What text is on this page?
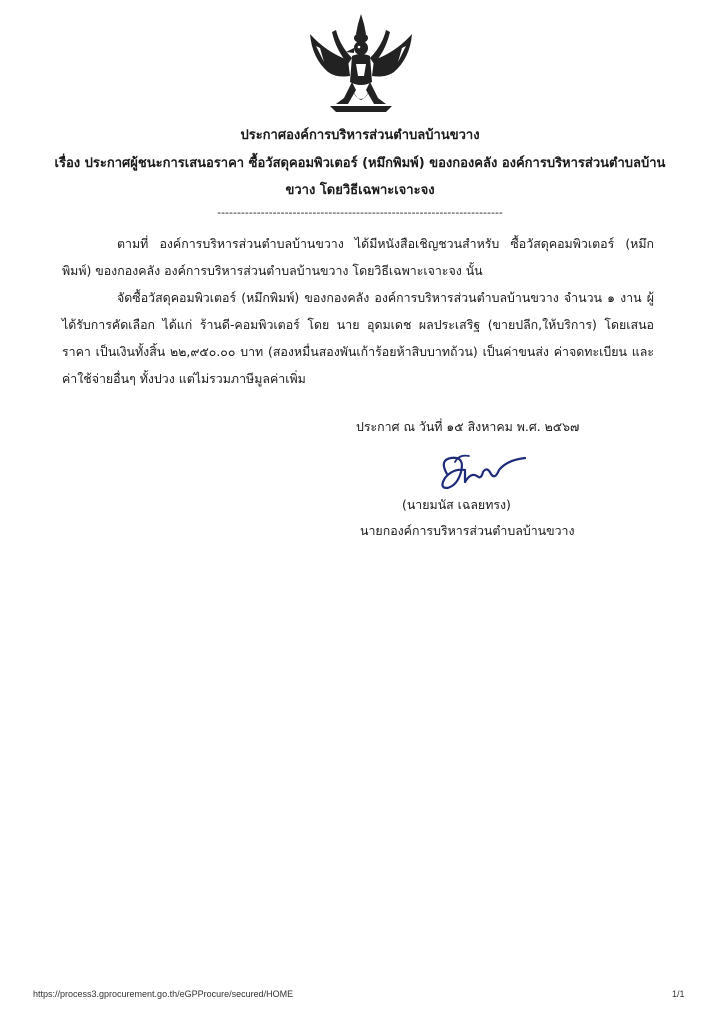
ประกาศองค์การบริหารส่วนตำบลบ้านขวาง
เรื่อง ประกาศผู้ชนะการเสนอราคา ซื้อวัสดุคอมพิวเตอร์ (หมึกพิมพ์) ของกองคลัง องค์การบริหารส่วนตำบลบ้านขวาง โดยวิธีเฉพาะเจาะจง
------------------------------------------------------------------------
ตามที่ องค์การบริหารส่วนตำบลบ้านขวาง ได้มีหนังสือเชิญชวนสำหรับ ซื้อวัสดุคอมพิวเตอร์ (หมึกพิมพ์) ของกองคลัง องค์การบริหารส่วนตำบลบ้านขวาง โดยวิธีเฉพาะเจาะจง นั้น
จัดซื้อวัสดุคอมพิวเตอร์ (หมึกพิมพ์) ของกองคลัง องค์การบริหารส่วนตำบลบ้านขวาง จำนวน ๑ งาน ผู้ได้รับการคัดเลือก ได้แก่ ร้านดี-คอมพิวเตอร์ โดย นาย อุดมเดช ผลประเสริฐ (ขายปลีก,ให้บริการ) โดยเสนอราคา เป็นเงินทั้งสิ้น ๒๒,๙๕๐.๐๐ บาท (สองหมื่นสองพันเก้าร้อยห้าสิบบาทถ้วน) เป็นค่าขนส่ง ค่าจดทะเบียน และค่าใช้จ่ายอื่นๆ ทั้งปวง แต่ไม่รวมภาษีมูลค่าเพิ่ม
ประกาศ ณ วันที่ ๑๕ สิงหาคม พ.ศ. ๒๕๖๗
(นายมนัส เฉลยทรง)
นายกองค์การบริหารส่วนตำบลบ้านขวาง
https://process3.gprocurement.go.th/eGPProcure/secured/HOME	1/1
